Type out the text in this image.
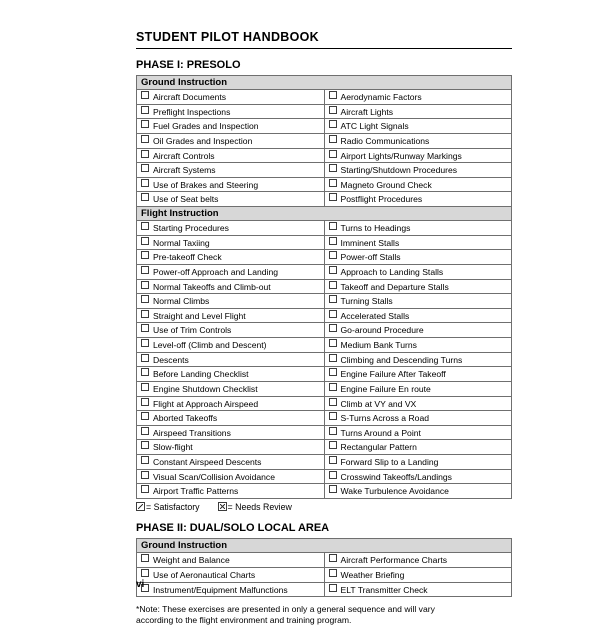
STUDENT PILOT HANDBOOK
PHASE I: PRESOLO
Ground Instruction
Aircraft Documents	Aerodynamic Factors
Preflight Inspections	Aircraft Lights
Fuel Grades and Inspection	ATC Light Signals
Oil Grades and Inspection	Radio Communications
Aircraft Controls	Airport Lights/Runway Markings
Aircraft Systems	Starting/Shutdown Procedures
Use of Brakes and Steering	Magneto Ground Check
Use of Seat belts	Postflight Procedures
Flight Instruction
Starting Procedures	Turns to Headings
Normal Taxiing	Imminent Stalls
Pre-takeoff Check	Power-off Stalls
Power-off Approach and Landing	Approach to Landing Stalls
Normal Takeoffs and Climb-out	Takeoff and Departure Stalls
Normal Climbs	Turning Stalls
Straight and Level Flight	Accelerated Stalls
Use of Trim Controls	Go-around Procedure
Level-off (Climb and Descent)	Medium Bank Turns
Descents	Climbing and Descending Turns
Before Landing Checklist	Engine Failure After Takeoff
Engine Shutdown Checklist	Engine Failure En route
Flight at Approach Airspeed	Climb at VY and VX
Aborted Takeoffs	S-Turns Across a Road
Airspeed Transitions	Turns Around a Point
Slow-flight	Rectangular Pattern
Constant Airspeed Descents	Forward Slip to a Landing
Visual Scan/Collision Avoidance	Crosswind Takeoffs/Landings
Airport Traffic Patterns	Wake Turbulence Avoidance
= Satisfactory	= Needs Review
PHASE II: DUAL/SOLO LOCAL AREA
Ground Instruction
Weight and Balance	Aircraft Performance Charts
Use of Aeronautical Charts	Weather Briefing
Instrument/Equipment Malfunctions	ELT Transmitter Check
*Note: These exercises are presented in only a general sequence and will vary according to the flight environment and training program.
vi
